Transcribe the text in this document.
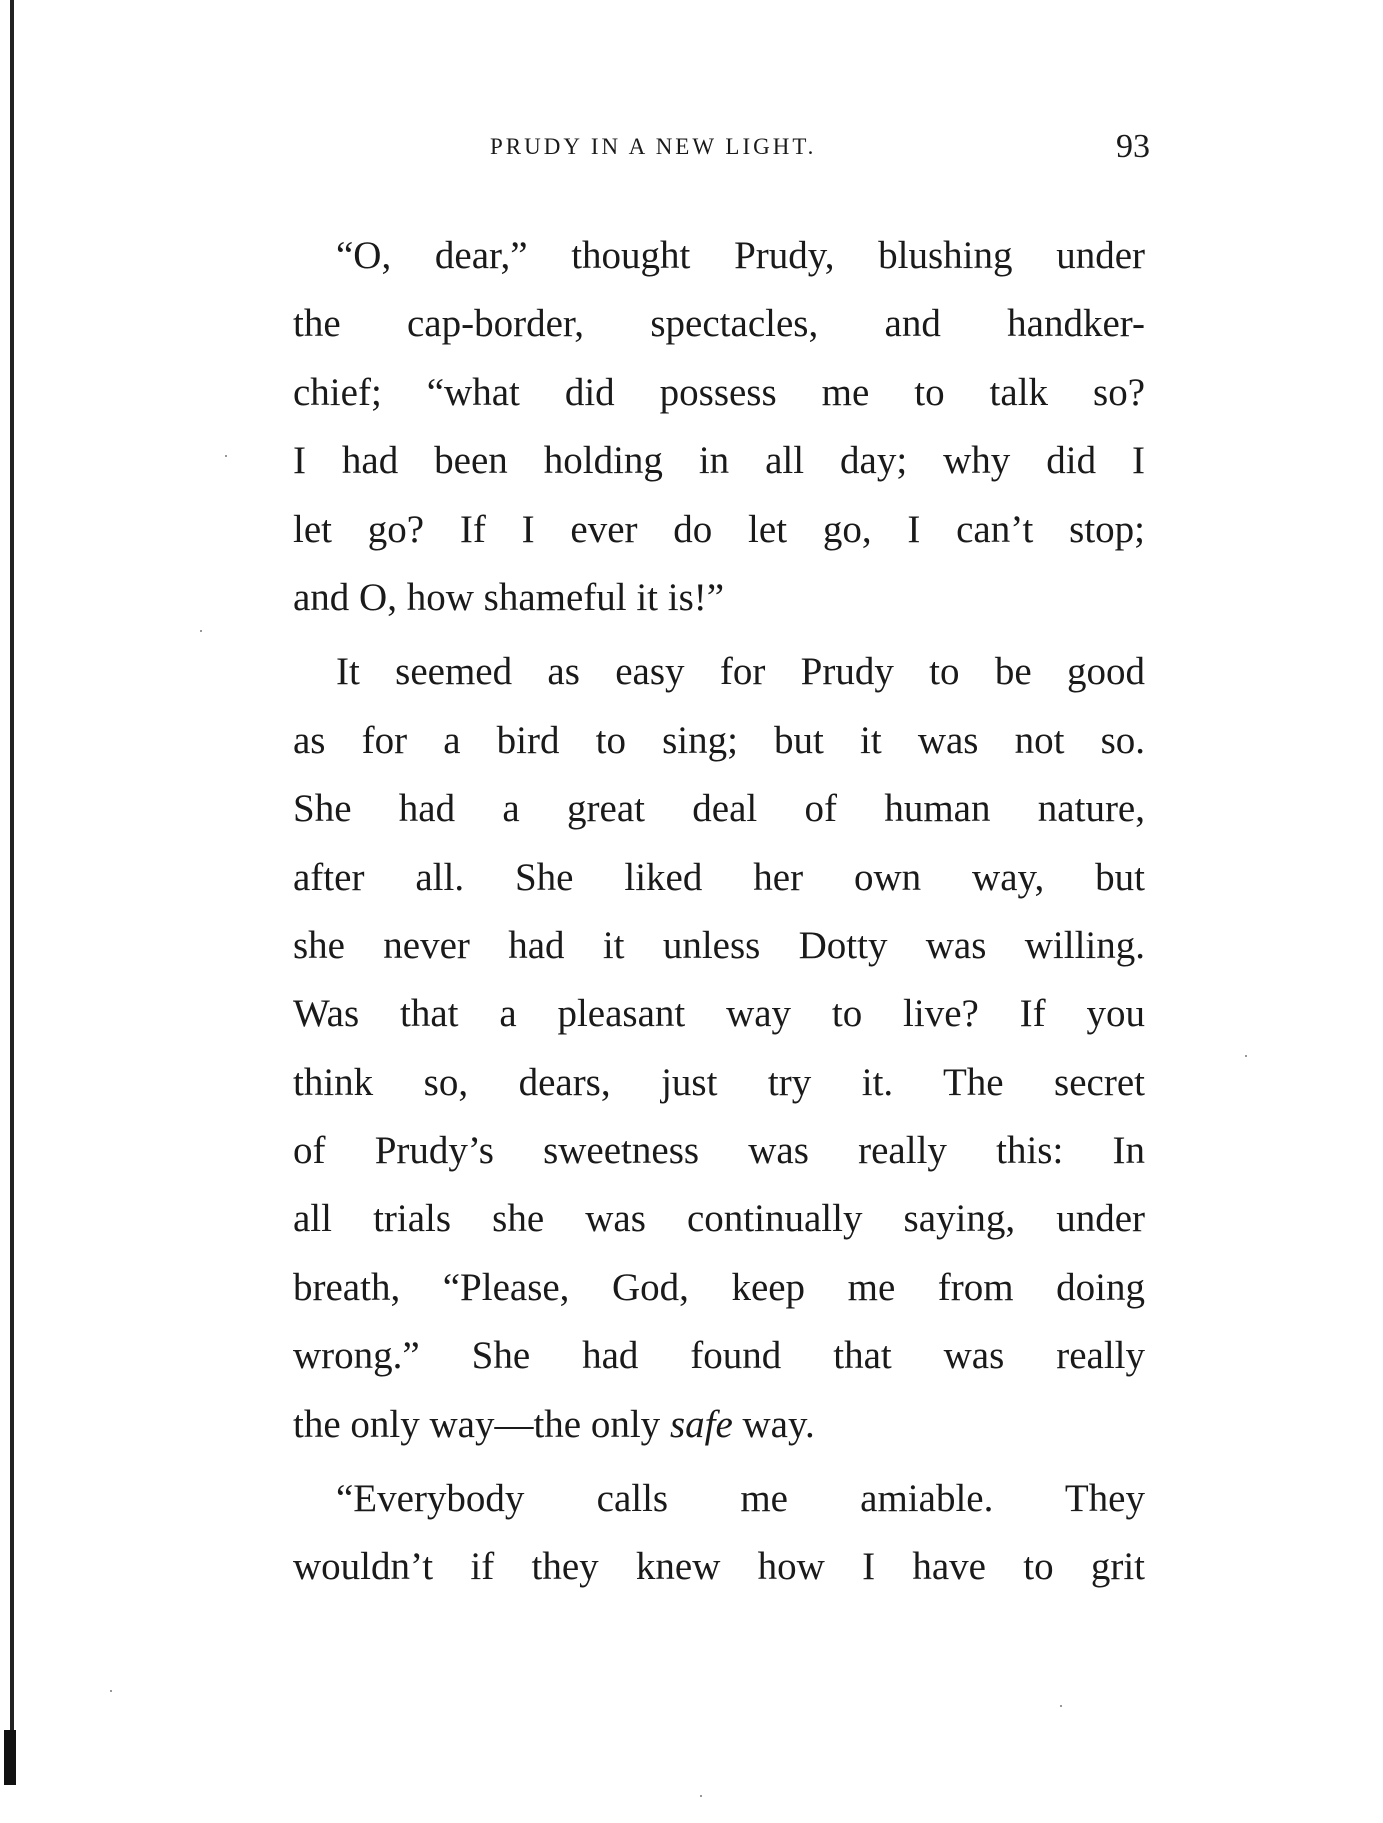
PRUDY IN A NEW LIGHT.	93
“O, dear,” thought Prudy, blushing under
the cap-border, spectacles, and handker-
chief; “what did possess me to talk so?
I had been holding in all day; why did I
let go? If I ever do let go, I can’t stop;
and O, how shameful it is!”
It seemed as easy for Prudy to be good
as for a bird to sing; but it was not so.
She had a great deal of human nature,
after all. She liked her own way, but
she never had it unless Dotty was willing.
Was that a pleasant way to live? If you
think so, dears, just try it. The secret
of Prudy’s sweetness was really this: In
all trials she was continually saying, under
breath, “Please, God, keep me from doing
wrong.” She had found that was really
the only way—the only safe way.
“Everybody calls me amiable. They
wouldn’t if they knew how I have to grit
